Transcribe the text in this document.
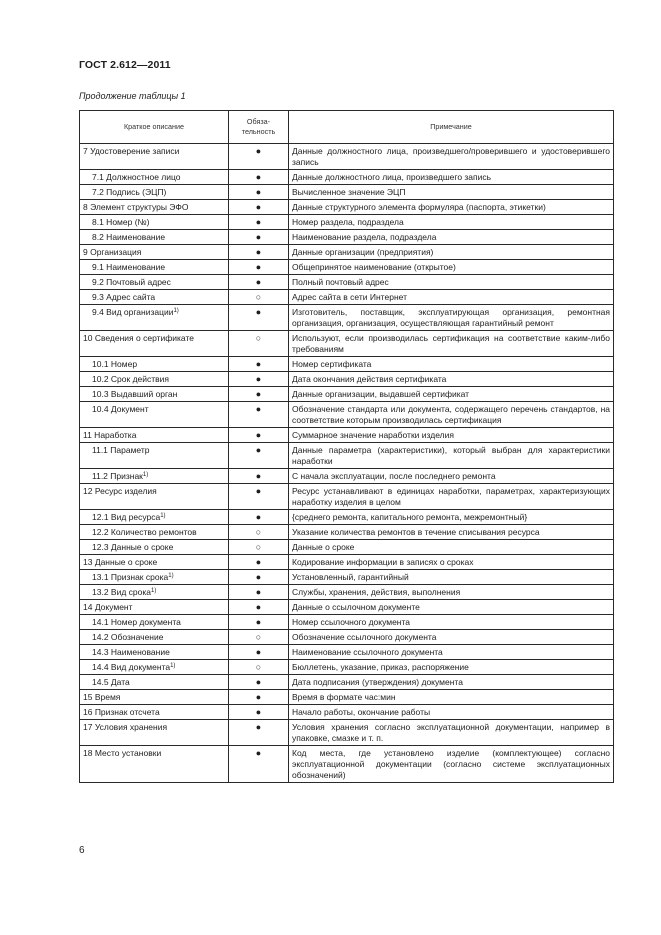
ГОСТ 2.612—2011
Продолжение таблицы 1
Краткое описание	Обяза-тельность	Примечание
7 Удостоверение записи	●	Данные должностного лица, произведшего/проверившего и удостоверившего запись
7.1 Должностное лицо	●	Данные должностного лица, произведшего запись
7.2 Подпись (ЭЦП)	●	Вычисленное значение ЭЦП
8 Элемент структуры ЭФО	●	Данные структурного элемента формуляра (паспорта, этикетки)
8.1 Номер (№)	●	Номер раздела, подраздела
8.2 Наименование	●	Наименование раздела, подраздела
9 Организация	●	Данные организации (предприятия)
9.1 Наименование	●	Общепринятое наименование (открытое)
9.2 Почтовый адрес	●	Полный почтовый адрес
9.3 Адрес сайта	○	Адрес сайта в сети Интернет
9.4 Вид организации$^{1)}$	●	Изготовитель, поставщик, эксплуатирующая организация, ремонтная организация, организация, осуществляющая гарантийный ремонт
10 Сведения о сертификате	○	Используют, если производилась сертификация на соответствие каким-либо требованиям
10.1 Номер	●	Номер сертификата
10.2 Срок действия	●	Дата окончания действия сертификата
10.3 Выдавший орган	●	Данные организации, выдавшей сертификат
10.4 Документ	●	Обозначение стандарта или документа, содержащего перечень стандартов, на соответствие которым производилась сертификация
11 Наработка	●	Суммарное значение наработки изделия
11.1 Параметр	●	Данные параметра (характеристики), который выбран для характеристики наработки
11.2 Признак$^{1)}$	●	С начала эксплуатации, после последнего ремонта
12 Ресурс изделия	●	Ресурс устанавливают в единицах наработки, параметрах, характеризующих наработку изделия в целом
12.1 Вид ресурса$^{1)}$	●	{среднего ремонта, капитального ремонта, межремонтный}
12.2 Количество ремонтов	○	Указание количества ремонтов в течение списывания ресурса
12.3 Данные о сроке	○	Данные о сроке
13 Данные о сроке	●	Кодирование информации в записях о сроках
13.1 Признак срока$^{1)}$	●	Установленный, гарантийный
13.2 Вид срока$^{1)}$	●	Службы, хранения, действия, выполнения
14 Документ	●	Данные о ссылочном документе
14.1 Номер документа	●	Номер ссылочного документа
14.2 Обозначение	○	Обозначение ссылочного документа
14.3 Наименование	●	Наименование ссылочного документа
14.4 Вид документа$^{1)}$	○	Бюллетень, указание, приказ, распоряжение
14.5 Дата	●	Дата подписания (утверждения) документа
15 Время	●	Время в формате час:мин
16 Признак отсчета	●	Начало работы, окончание работы
17 Условия хранения	●	Условия хранения согласно эксплуатационной документации, например в упаковке, смазке и т. п.
18 Место установки	●	Код места, где установлено изделие (комплектующее) согласно эксплуатационной документации (согласно системе эксплуатационных обозначений)
6
